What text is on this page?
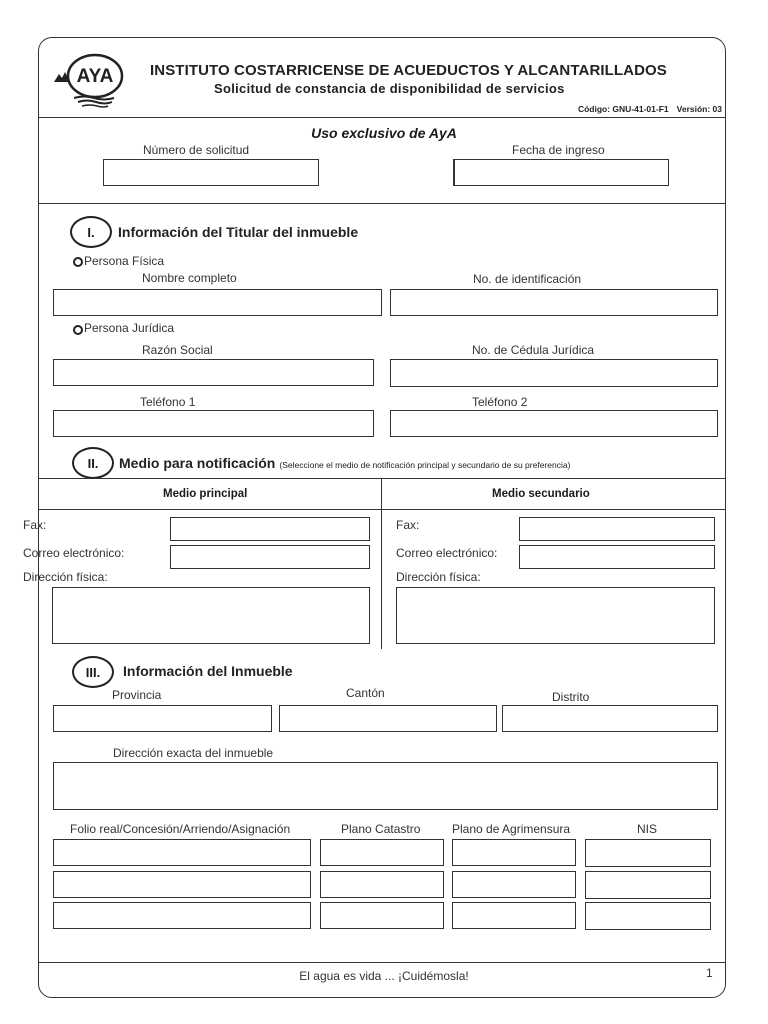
AYA INSTITUTO COSTARRICENSE DE ACUEDUCTOS Y ALCANTARILLADOS
Solicitud de constancia de disponibilidad de servicios
Código: GNU-41-01-F1 Versión: 03
Uso exclusivo de AyA
Número de solicitud	Fecha de ingreso
I.	Información del Titular del inmueble
Persona Física
Nombre completo	No. de identificación
Persona Jurídica
Razón Social	No. de Cédula Jurídica
Teléfono 1	Teléfono 2
II.	Medio para notificación (Seleccione el medio de notificación principal y secundario de su preferencia)
Medio principal	Medio secundario
Fax:
Correo electrónico:
Dirección física:
Fax:
Correo electrónico:
Dirección física:
III.	Información del Inmueble
Provincia	Cantón	Distrito
Dirección exacta del inmueble
Folio real/Concesión/Arriendo/Asignación	Plano Catastro	Plano de Agrimensura	NIS
El agua es vida ... ¡Cuidémosla!	1
